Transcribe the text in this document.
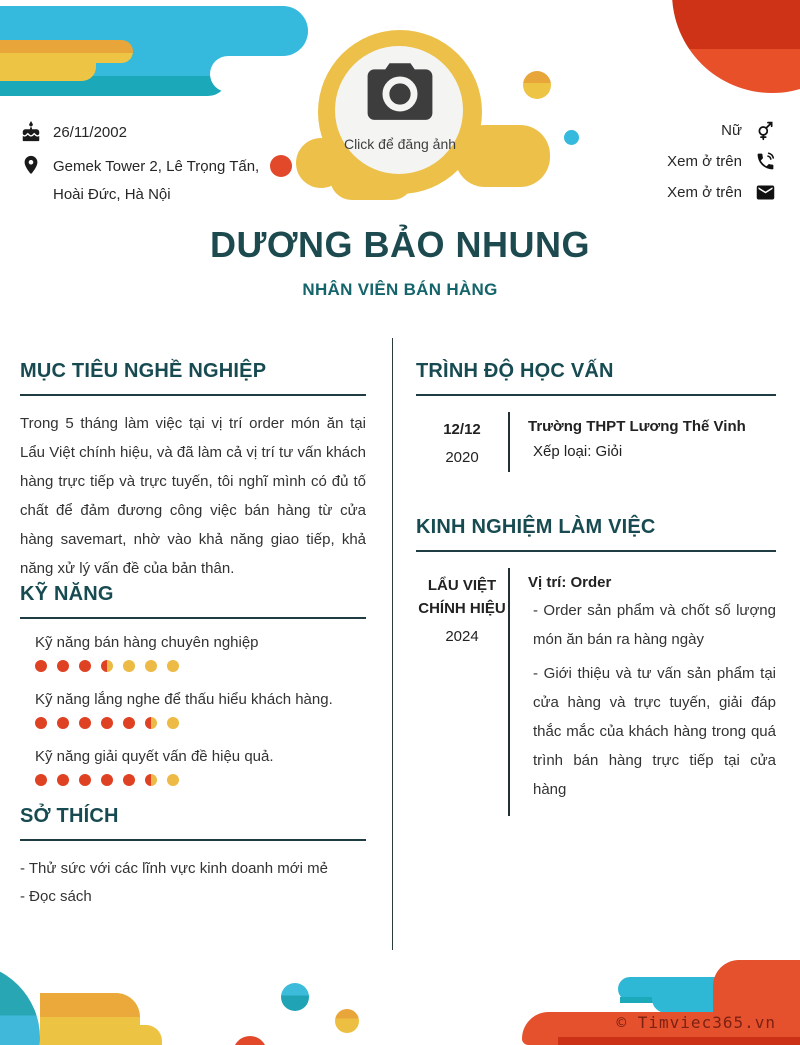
Click để đăng ảnh
26/11/2002
Gemek Tower 2, Lê Trọng Tấn, Hoài Đức, Hà Nội
Nữ
Xem ở trên
Xem ở trên
DƯƠNG BẢO NHUNG
NHÂN VIÊN BÁN HÀNG
MỤC TIÊU NGHỀ NGHIỆP
Trong 5 tháng làm việc tại vị trí order món ăn tại Lẩu Việt chính hiệu, và đã làm cả vị trí tư vấn khách hàng trực tiếp và trực tuyến, tôi nghĩ mình có đủ tố chất để đảm đương công việc bán hàng từ cửa hàng savemart, nhờ vào khả năng giao tiếp, khả năng xử lý vấn đề của bản thân.
KỸ NĂNG
Kỹ năng bán hàng chuyên nghiệp
Kỹ năng lắng nghe để thấu hiểu khách hàng.
Kỹ năng giải quyết vấn đề hiệu quả.
SỞ THÍCH
- Thử sức với các lĩnh vực kinh doanh mới mẻ
- Đọc sách
TRÌNH ĐỘ HỌC VẤN
12/12
2020
Trường THPT Lương Thế Vinh
Xếp loại: Giỏi
KINH NGHIỆM LÀM VIỆC
LẨU VIỆT
CHÍNH HIỆU
2024
Vị trí: Order

- Order sản phẩm và chốt số lượng món ăn bán ra hàng ngày

- Giới thiệu và tư vấn sản phẩm tại cửa hàng và trực tuyến, giải đáp thắc mắc của khách hàng trong quá trình bán hàng trực tiếp tại cửa hàng

© Timviec365.vn
